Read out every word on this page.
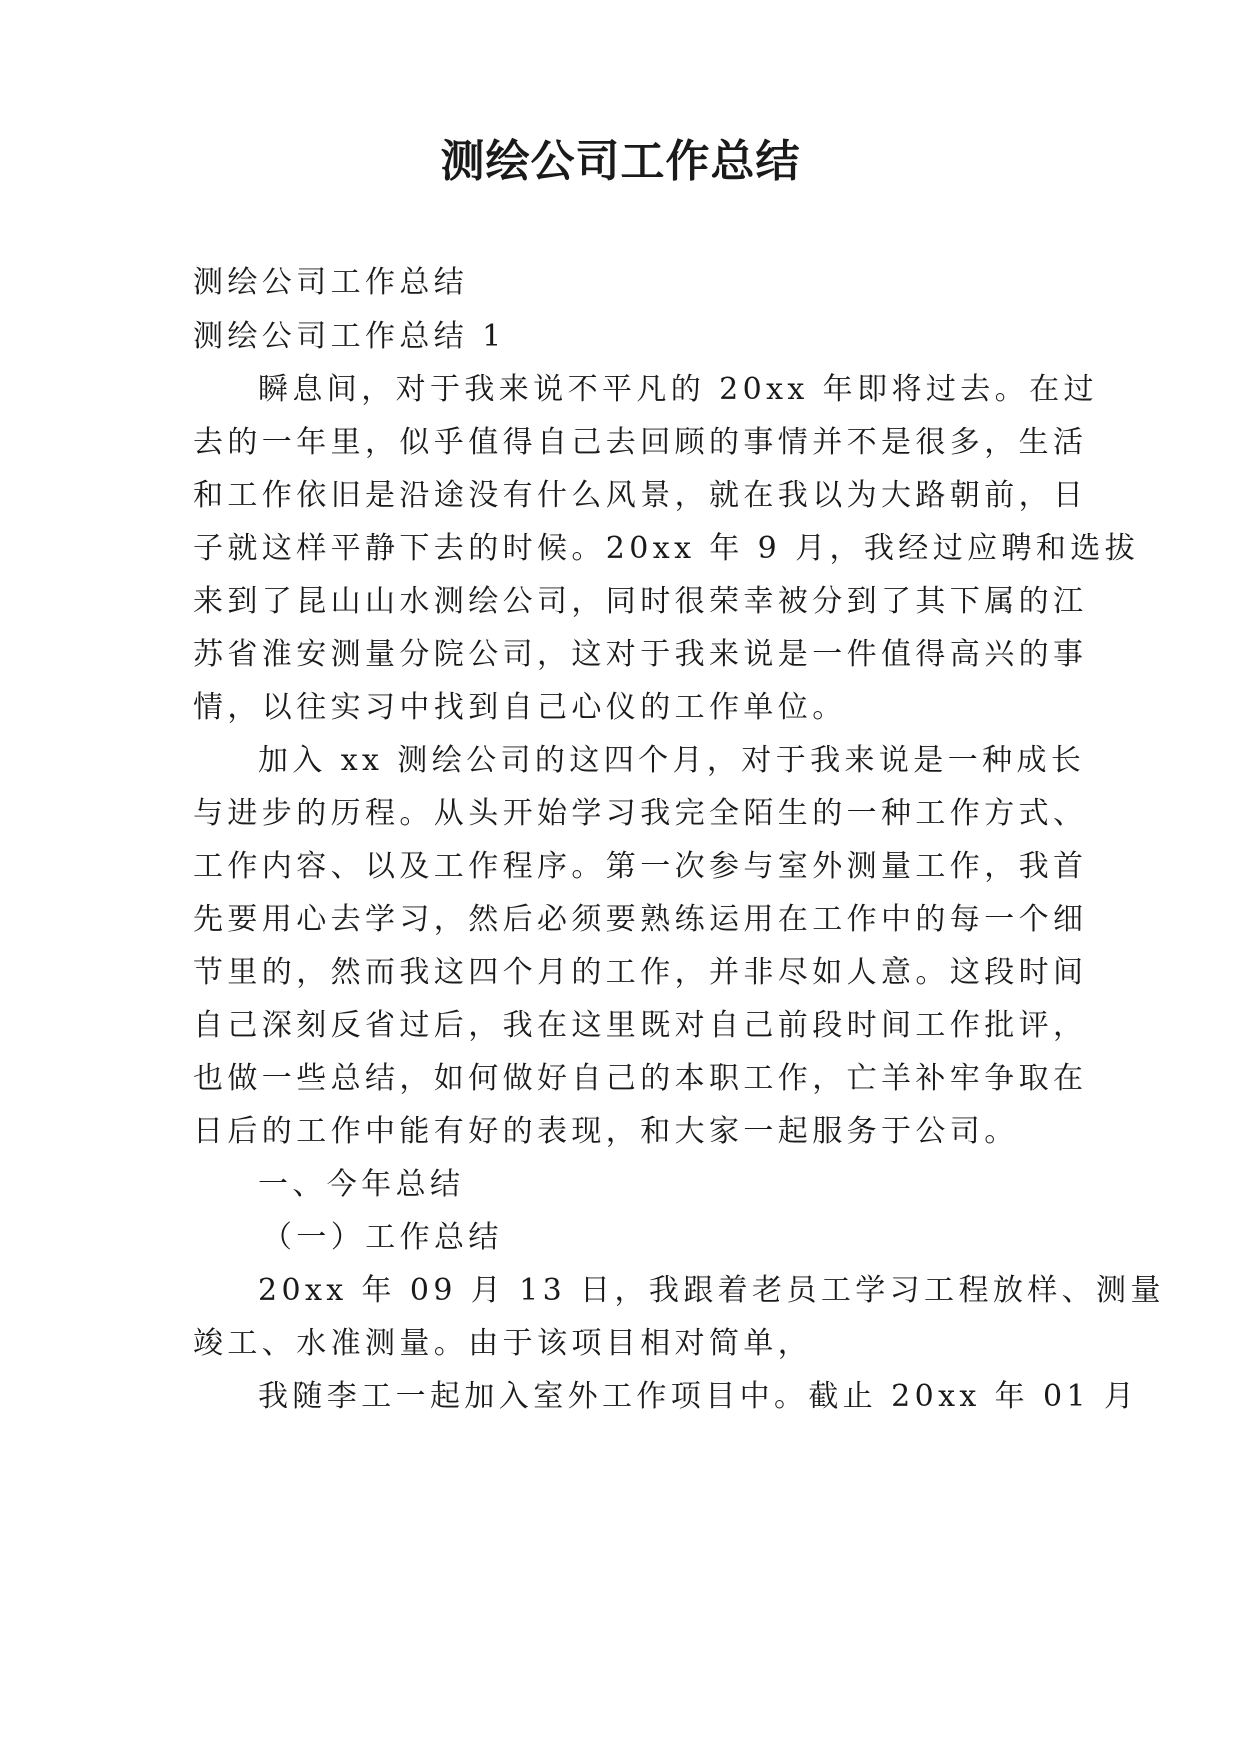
测绘公司工作总结
测绘公司工作总结
测绘公司工作总结 1
瞬息间，对于我来说不平凡的 20xx 年即将过去。在过
去的一年里，似乎值得自己去回顾的事情并不是很多，生活
和工作依旧是沿途没有什么风景，就在我以为大路朝前，日
子就这样平静下去的时候。20xx 年 9 月，我经过应聘和选拔
来到了昆山山水测绘公司，同时很荣幸被分到了其下属的江
苏省淮安测量分院公司，这对于我来说是一件值得高兴的事
情，以往实习中找到自己心仪的工作单位。
加入 xx 测绘公司的这四个月，对于我来说是一种成长
与进步的历程。从头开始学习我完全陌生的一种工作方式、
工作内容、以及工作程序。第一次参与室外测量工作，我首
先要用心去学习，然后必须要熟练运用在工作中的每一个细
节里的，然而我这四个月的工作，并非尽如人意。这段时间
自己深刻反省过后，我在这里既对自己前段时间工作批评，
也做一些总结，如何做好自己的本职工作，亡羊补牢争取在
日后的工作中能有好的表现，和大家一起服务于公司。
一、今年总结
（一）工作总结
20xx 年 09 月 13 日，我跟着老员工学习工程放样、测量
竣工、水准测量。由于该项目相对简单，
我随李工一起加入室外工作项目中。截止 20xx 年 01 月
